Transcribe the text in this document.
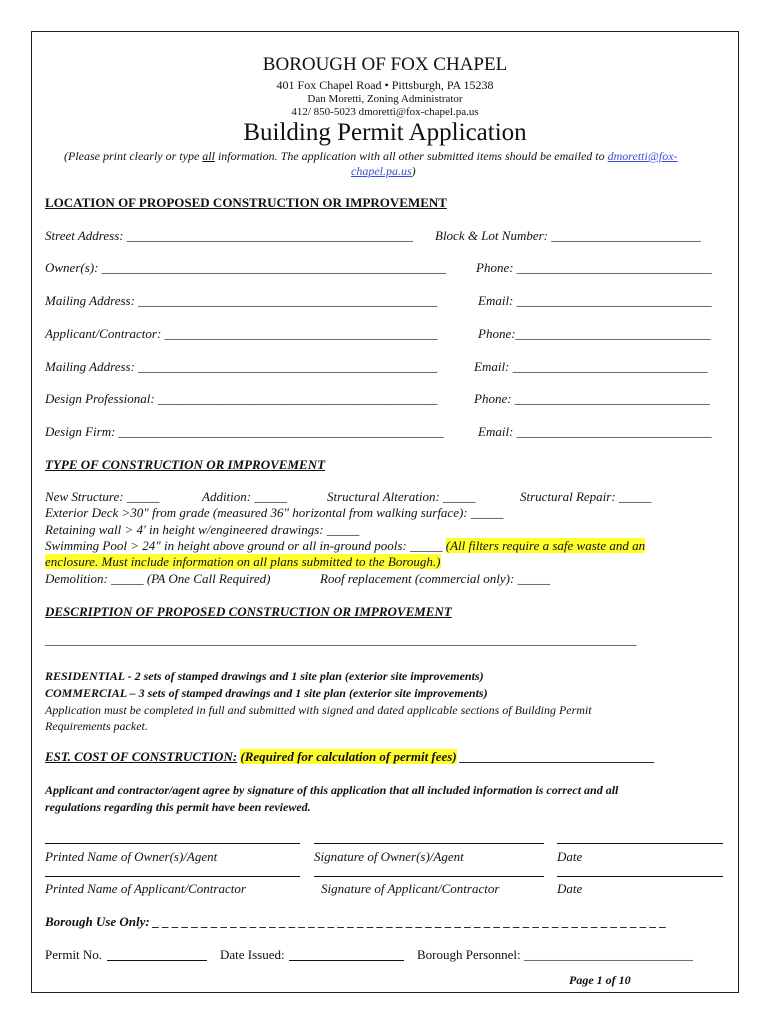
BOROUGH OF FOX CHAPEL
401 Fox Chapel Road • Pittsburgh, PA 15238
Dan Moretti, Zoning Administrator
412/ 850-5023 dmoretti@fox-chapel.pa.us
Building Permit Application
(Please print clearly or type all information. The application with all other submitted items should be emailed to dmoretti@fox-
chapel.pa.us)
LOCATION OF PROPOSED CONSTRUCTION OR IMPROVEMENT
Street Address: ____________________________________________ Block & Lot Number: _______________________
Owner(s): _____________________________________________________ Phone: ______________________________
Mailing Address: ______________________________________________	Email: ______________________________
Applicant/Contractor: __________________________________________	Phone:______________________________
Mailing Address: ______________________________________________	Email: ______________________________
Design Professional: ___________________________________________	Phone: ______________________________
Design Firm: __________________________________________________	Email: ______________________________
TYPE OF CONSTRUCTION OR IMPROVEMENT
New Structure: _____	Addition: _____	Structural Alteration: _____	Structural Repair: _____
Exterior Deck >30" from grade (measured 36" horizontal from walking surface): _____
Retaining wall > 4' in height w/engineered drawings: _____
Swimming Pool > 24" in height above ground or all in-ground pools: _____ (All filters require a safe waste and an
enclosure. Must include information on all plans submitted to the Borough.)
Demolition: _____ (PA One Call Required)	Roof replacement (commercial only): _____
DESCRIPTION OF PROPOSED CONSTRUCTION OR IMPROVEMENT
___________________________________________________________________________________________
RESIDENTIAL - 2 sets of stamped drawings and 1 site plan (exterior site improvements)
COMMERCIAL – 3 sets of stamped drawings and 1 site plan (exterior site improvements)
Application must be completed in full and submitted with signed and dated applicable sections of Building Permit
Requirements packet.
EST. COST OF CONSTRUCTION: (Required for calculation of permit fees) ______________________________
Applicant and contractor/agent agree by signature of this application that all included information is correct and all
regulations regarding this permit have been reviewed.
Printed Name of Owner(s)/Agent	Signature of Owner(s)/Agent	Date
Printed Name of Applicant/Contractor	Signature of Applicant/Contractor	Date
Borough Use Only: _ _ _ _ _ _ _ _ _ _ _ _ _ _ _ _ _ _ _ _ _ _ _ _ _ _ _ _ _ _ _ _ _ _ _ _ _ _ _ _ _ _ _ _ _ _ _ _ _ _ _ _ _
Permit No.	Date Issued:	Borough Personnel: __________________________
Page 1 of 10
